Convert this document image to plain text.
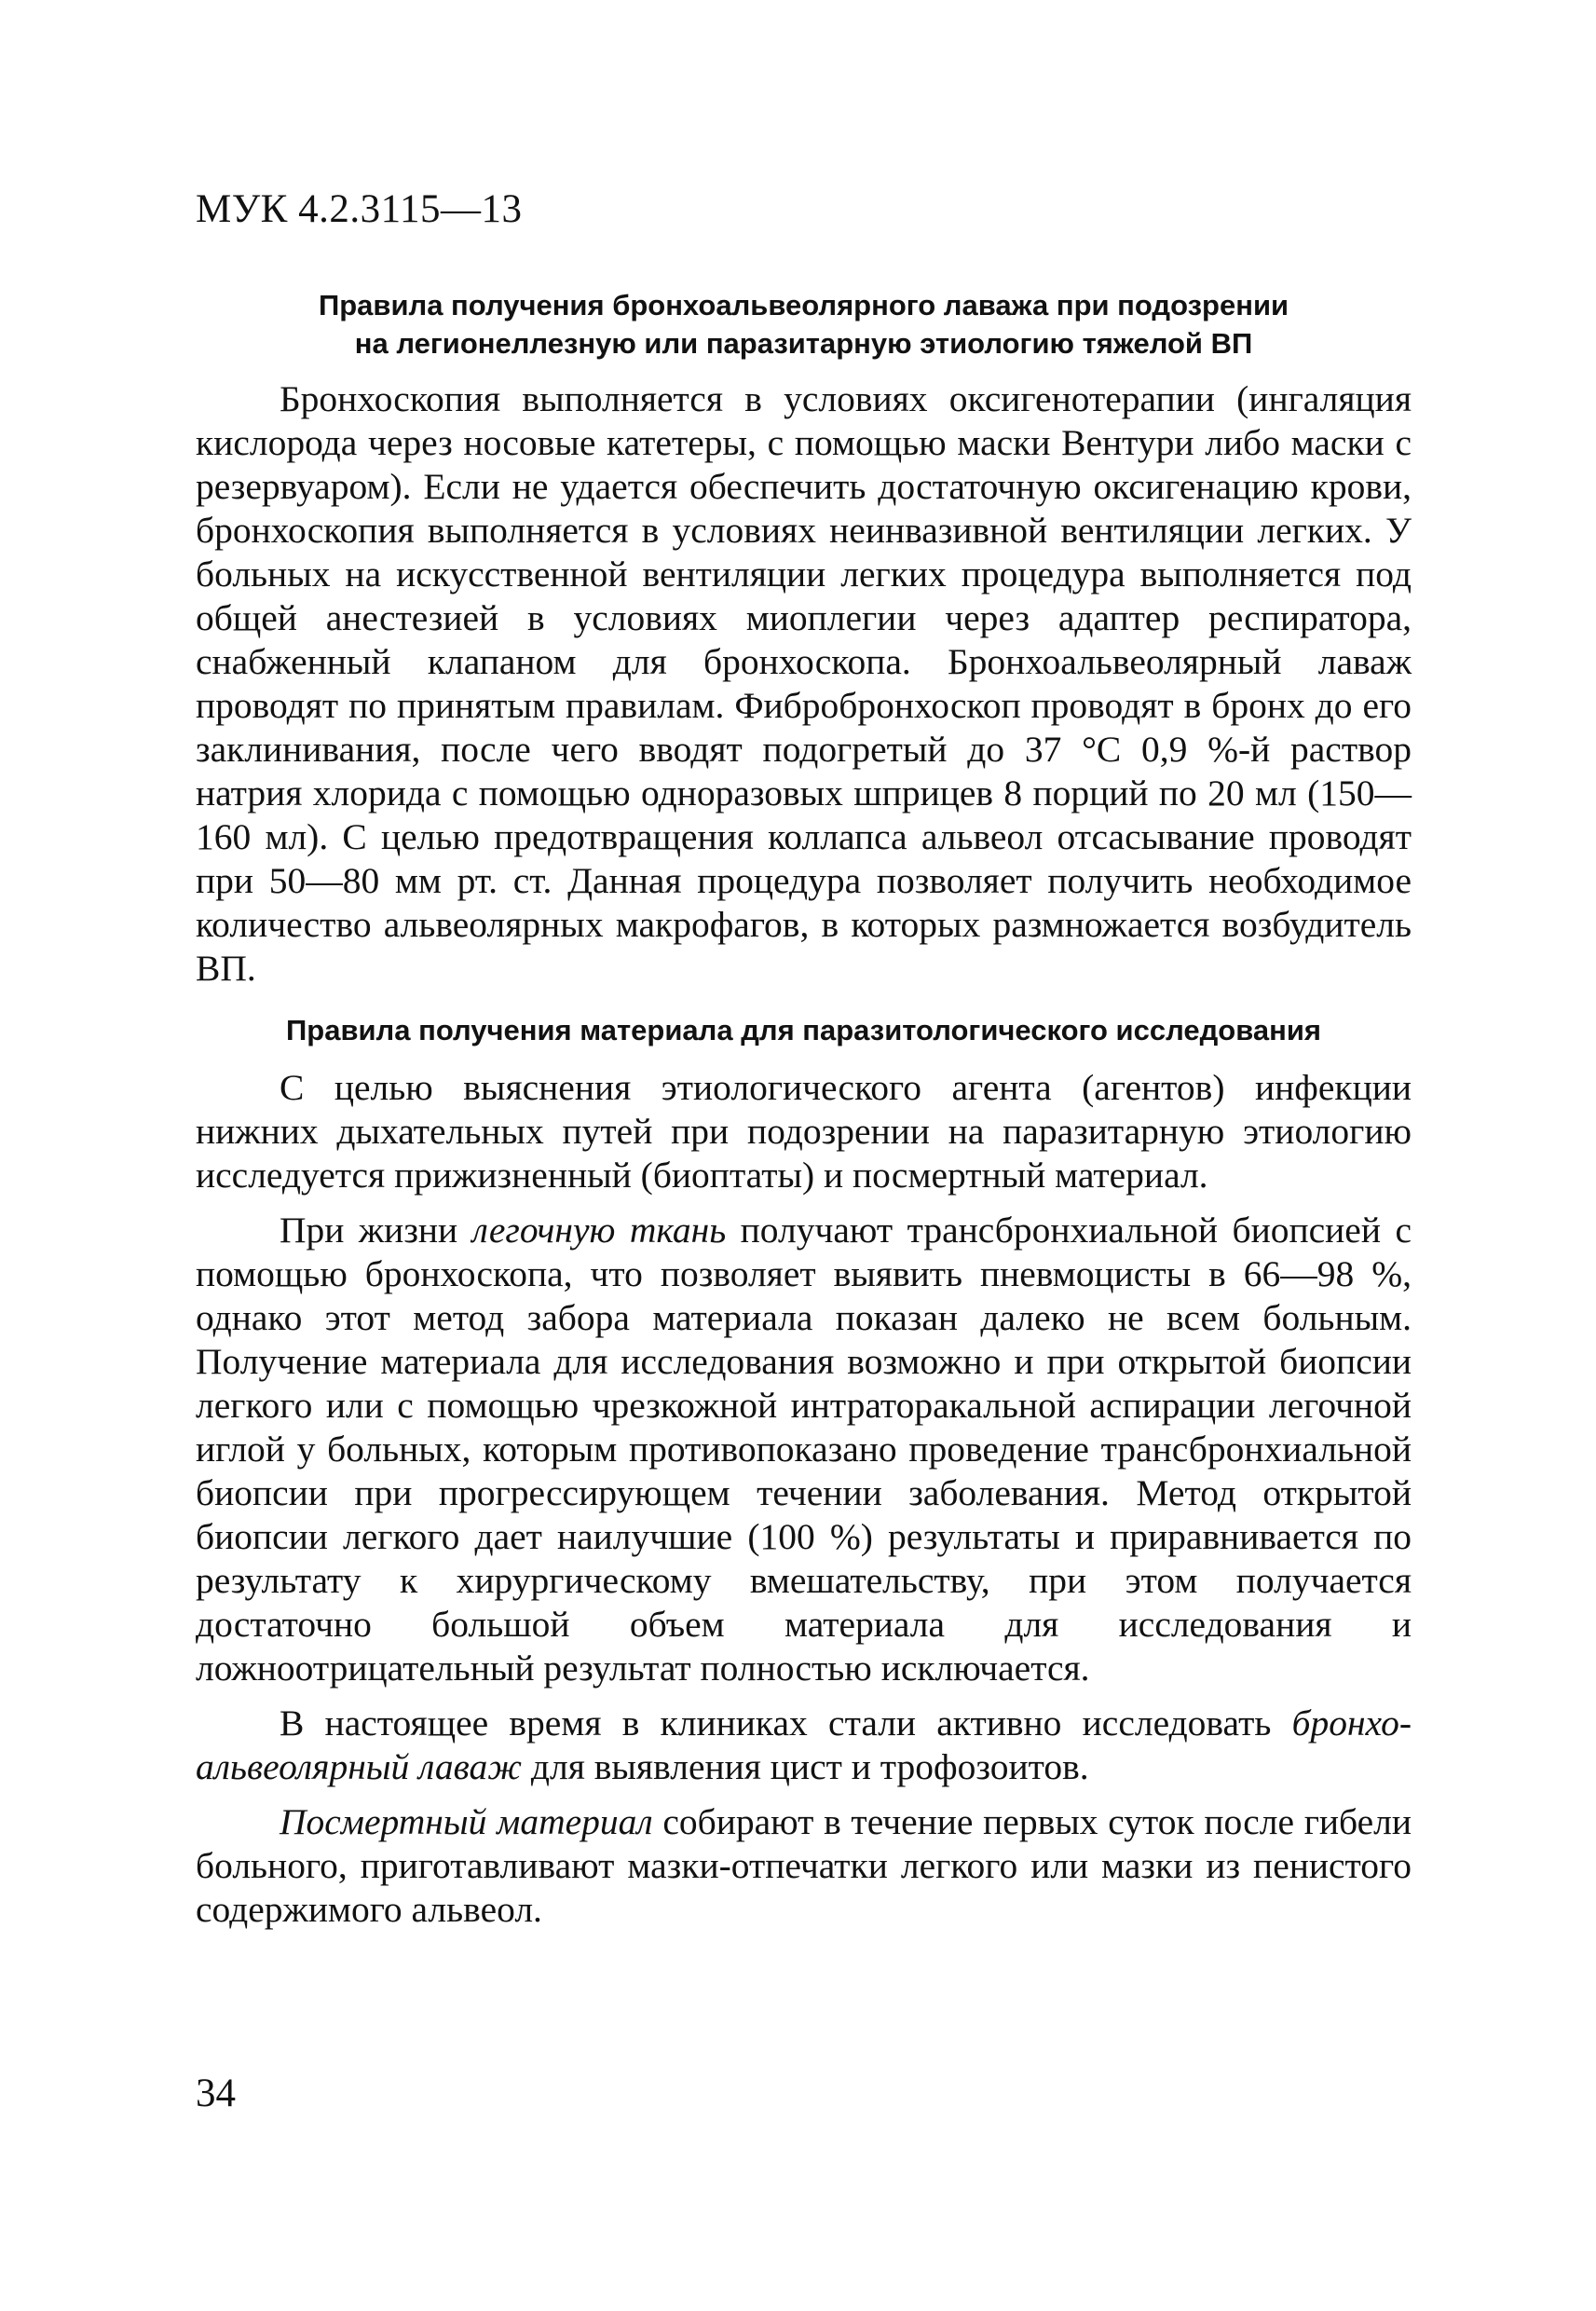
МУК 4.2.3115—13
Правила получения бронхоальвеолярного лаважа при подозрении
на легионеллезную или паразитарную этиологию тяжелой ВП

Бронхоскопия выполняется в условиях оксигенотерапии (ингаляция кислорода через носовые катетеры, с помощью маски Вентури либо маски с резервуаром). Если не удается обеспечить достаточную оксигенацию крови, бронхоскопия выполняется в условиях неинвазивной вентиляции легких. У больных на искусственной вентиляции легких процедура выполняется под общей анестезией в условиях миоплегии через адаптер респиратора, снабженный клапаном для бронхоскопа. Бронхоальвеолярный лаваж проводят по принятым правилам. Фибробронхоскоп проводят в бронх до его заклинивания, после чего вводят подогретый до 37 °С 0,9 %-й раствор натрия хлорида с помощью одноразовых шприцев 8 порций по 20 мл (150—160 мл). С целью предотвращения коллапса альвеол отсасывание проводят при 50—80 мм рт. ст. Данная процедура позволяет получить необходимое количество альвеолярных макрофагов, в которых размножается возбудитель ВП.

Правила получения материала для паразитологического исследования

С целью выяснения этиологического агента (агентов) инфекции нижних дыхательных путей при подозрении на паразитарную этиологию исследуется прижизненный (биоптаты) и посмертный материал.

При жизни легочную ткань получают трансбронхиальной биопсией с помощью бронхоскопа, что позволяет выявить пневмоцисты в 66—98 %, однако этот метод забора материала показан далеко не всем больным. Получение материала для исследования возможно и при открытой биопсии легкого или с помощью чрезкожной интраторакальной аспирации легочной иглой у больных, которым противопоказано проведение трансбронхиальной биопсии при прогрессирующем течении заболевания. Метод открытой биопсии легкого дает наилучшие (100 %) результаты и приравнивается по результату к хирургическому вмешательству, при этом получается достаточно большой объем материала для исследования и ложноотрицательный результат полностью исключается.

В настоящее время в клиниках стали активно исследовать бронхоальвеолярный лаваж для выявления цист и трофозоитов.

Посмертный материал собирают в течение первых суток после гибели больного, приготавливают мазки-отпечатки легкого или мазки из пенистого содержимого альвеол.

34
